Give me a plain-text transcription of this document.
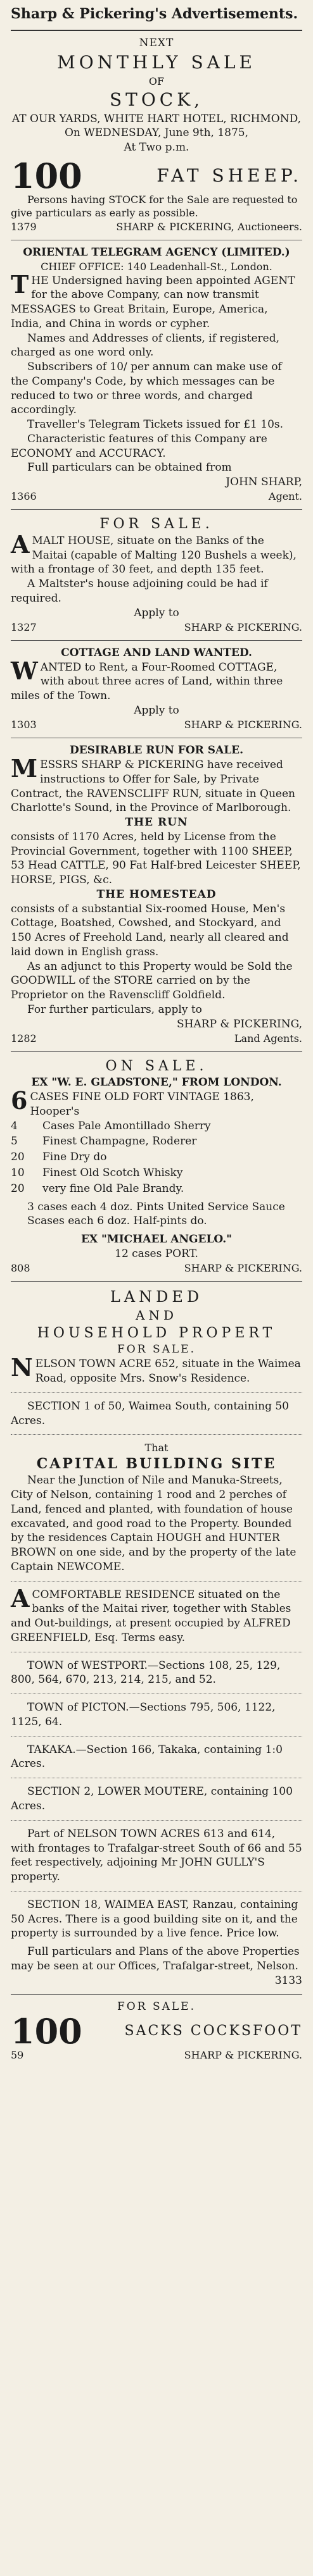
Sharp & Pickering's Advertisements.
NEXT
MONTHLY SALE
OF
STOCK,
AT OUR YARDS, WHITE HART HOTEL, RICHMOND,
On WEDNESDAY, June 9th, 1875,
At Two p.m.
100	FAT SHEEP.
Persons having STOCK for the Sale are requested to give particulars as early as possible.
1379	SHARP & PICKERING, Auctioneers.
ORIENTAL TELEGRAM AGENCY (LIMITED.)
CHIEF OFFICE: 140 Leadenhall-St., London.
THE Undersigned having been appointed AGENT for the above Company, can now transmit MESSAGES to Great Britain, Europe, America, India, and China in words or cypher.
Names and Addresses of clients, if registered, charged as one word only.
Subscribers of 10/ per annum can make use of the Company's Code, by which messages can be reduced to two or three words, and charged accordingly.
Traveller's Telegram Tickets issued for £1 10s.
Characteristic features of this Company are ECONOMY and ACCURACY.
Full particulars can be obtained from
JOHN SHARP,
1366	Agent.
FOR SALE.
AMALT HOUSE, situate on the Banks of the Maitai (capable of Malting 120 Bushels a week), with a frontage of 30 feet, and depth 135 feet.
A Maltster's house adjoining could be had if required.
Apply to
1327	SHARP & PICKERING.
COTTAGE AND LAND WANTED.
WANTED to Rent, a Four-Roomed COTTAGE, with about three acres of Land, within three miles of the Town.
Apply to
1303	SHARP & PICKERING.
DESIRABLE RUN FOR SALE.
MESSRS SHARP & PICKERING have received instructions to Offer for Sale, by Private Contract, the RAVENSCLIFF RUN, situate in Queen Charlotte's Sound, in the Province of Marlborough.
THE RUN
consists of 1170 Acres, held by License from the Provincial Government, together with 1100 SHEEP, 53 Head CATTLE, 90 Fat Half-bred Leicester SHEEP, HORSE, PIGS, &c.
THE HOMESTEAD
consists of a substantial Six-roomed House, Men's Cottage, Boatshed, Cowshed, and Stockyard, and 150 Acres of Freehold Land, nearly all cleared and laid down in English grass.
As an adjunct to this Property would be Sold the GOODWILL of the STORE carried on by the Proprietor on the Ravenscliff Goldfield.
For further particulars, apply to
SHARP & PICKERING,
1282	Land Agents.
ON SALE.
EX "W. E. GLADSTONE," FROM LONDON.
6CASES FINE OLD FORT VINTAGE 1863, Hooper's
4	Cases Pale Amontillado Sherry
5	Finest Champagne, Roderer
20	Fine Dry do
10	Finest Old Scotch Whisky
20	very fine Old Pale Brandy.
3 cases each 4 doz. Pints United Service Sauce
Scases each 6 doz. Half-pints do.
EX "MICHAEL ANGELO."
12 cases PORT.
808	SHARP & PICKERING.
LANDED
AND
HOUSEHOLD PROPERT
FOR SALE.
NELSON TOWN ACRE 652, situate in the Waimea Road, opposite Mrs. Snow's Residence.
SECTION 1 of 50, Waimea South, containing 50 Acres.
That
CAPITAL BUILDING SITE
Near the Junction of Nile and Manuka-Streets, City of Nelson, containing 1 rood and 2 perches of Land, fenced and planted, with foundation of house excavated, and good road to the Property. Bounded by the residences Captain HOUGH and HUNTER BROWN on one side, and by the property of the late Captain NEWCOME.
ACOMFORTABLE RESIDENCE situated on the banks of the Maitai river, together with Stables and Out-buildings, at present occupied by ALFRED GREENFIELD, Esq. Terms easy.
TOWN of WESTPORT.—Sections 108, 25, 129, 800, 564, 670, 213, 214, 215, and 52.
TOWN of PICTON.—Sections 795, 506, 1122, 1125, 64.
TAKAKA.—Section 166, Takaka, containing 1:0 Acres.
SECTION 2, LOWER MOUTERE, containing 100 Acres.
Part of NELSON TOWN ACRES 613 and 614, with frontages to Trafalgar-street South of 66 and 55 feet respectively, adjoining Mr JOHN GULLY'S property.
SECTION 18, WAIMEA EAST, Ranzau, containing 50 Acres. There is a good building site on it, and the property is surrounded by a live fence. Price low.
Full particulars and Plans of the above Properties may be seen at our Offices, Trafalgar-street, Nelson.
3133
FOR SALE.
100	SACKS COCKSFOOT
59	SHARP & PICKERING.
